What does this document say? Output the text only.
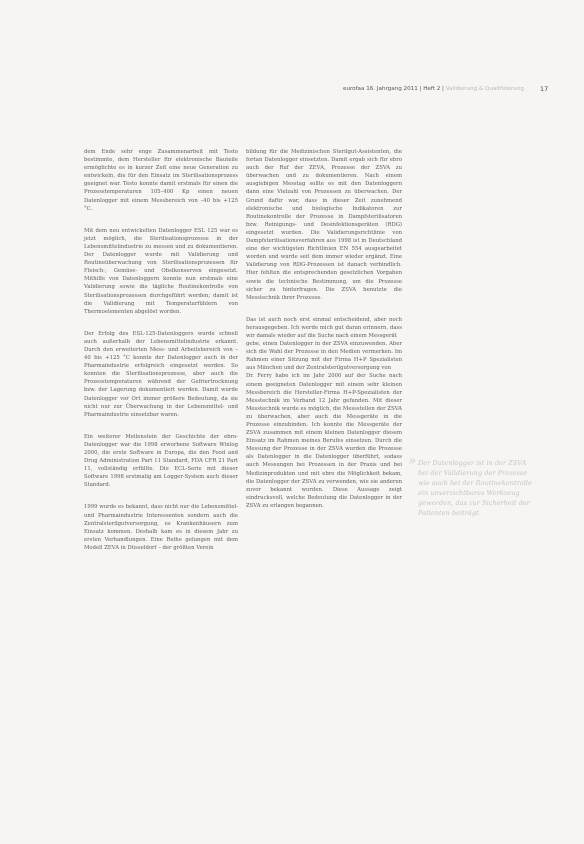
eurofaa 16. Jahrgang 2011 | Heft 2 | Validierung & Qualifizierung	17

dem Ende sehr enge Zusammenarbeit mit Testo bestimmte, dem Hersteller für elektronische Bauteile ermöglichte es in kurzer Zeit eine neue Generation zu entwickeln, die für den Einsatz im Sterilisationsprozess geeignet war. Testo konnte damit erstmals für einen die Prozesstemperaturen 105–400 Kp einen neuen Datenlogger mit einem Messbereich von –40 bis +125 °C.

Mit dem neu entwickelten Datenlogger ESL 125 war es jetzt möglich, die Sterilisationsprozesse in der Lebensmittelindustrie zu messen und zu dokumentieren. Der Datenlogger wurde mit Validierung und Routineüberwachung von Sterilisationsprozessen für Fleisch-, Gemüse- und Obstkonserven eingesetzt. Mithilfe von Datenloggern konnte nun erstmals eine Validierung sowie die tägliche Routinekontrolle von Sterilisationsprozessen durchgeführt werden; damit ist die Validierung mit Temperaturfühlern von Thermoelementen abgelöst worden.

Der Erfolg des ESL-125-Datenloggers wurde schnell auch außerhalb der Lebensmittelindustrie erkannt. Durch den erweiterten Mess- und Arbeitsbereich von –40 bis +125 °C konnte der Datenlogger auch in der Pharmaindustrie erfolgreich eingesetzt werden. So konnten die Sterilisationsprozesse, aber auch die Prozesstemperaturen während der Gefriertrocknung bzw. der Lagerung dokumentiert werden. Damit wurde Datenlogger vor Ort immer größere Bedeutung, da sie nicht nur zur Überwachung in der Lebensmittel- und Pharmaindustrie einsetzbar waren.

Ein weiterer Meilenstein der Geschichte der ebro-Datenlogger war die 1998 erworbene Software Winlog 2000, die erste Software in Europa, die den Food and Drug Administration Part 11 Standard, FDA CFR 21 Part 11, vollständig erfüllte. Die ECL-Serie mit dieser Software 1998 erstmalig am Logger-System auch dieser Standard.

1999 wurde es bekannt, dass nicht nur die Lebensmittel- und Pharmaindustrie Interessenten sondern auch die Zentralsterilgutversorgung, es Krankenhäusern zum Einsatz kommen. Deshalb kam es in diesem Jahr zu ersten Verhandlungen. Eine Reihe gelungen mit dem Modell ZEVA in Düsseldorf – der größten Verein

bildung für die Medizinischen Sterilgut-Assistenten, die fortan Datenlogger einsetzten. Damit ergab sich für ebro auch der Ruf der ZEVA, Prozesse der ZSVA zu überwachen und zu dokumentieren. Nach einem ausgiebigen Messtag sollte es mit den Datenloggern dann eine Vielzahl von Prozessen zu überwachen. Der Grund dafür war, dass in dieser Zeit zunehmend elektronische und biologische Indikatoren zur Routinekontrolle der Prozesse in Dampfsterilisatoren bzw. Reinigungs- und Desinfektionsgeräten (RDG) eingesetzt wurden. Die Validierungsrichtlinie von Dampfsterilisationsverfahren aus 1998 ist in Deutschland eine der wichtigsten Richtlinien EN 554 ausgearbeitet worden und wurde seit dem immer wieder ergänzt. Eine Validierung von RDG-Prozessen ist danach verbindlich. Hier fehlten die entsprechenden gesetzlichen Vorgaben sowie die technische Bestimmung, um die Prozesse sicher zu hinterfragen. Die ZSVA benutzte die Messtechnik ihrer Prozesse.

Das ist auch noch erst einmal entscheidend, aber noch herausgegeben. Ich werde mich gut daran erinnern, dass wir damals wieder auf die Suche nach einem Messgerät

gebe, einen Datenlogger in der ZSVA einzuwenden. Aber sich die Wahl der Prozesse in den Medien vermerken. Im Rahmen einer Sitzung mit der Firma H+P Spezialisten aus München und der Zentralsterilgutversorgung von

Dr. Ferry habe ich im Jahr 2000 auf der Suche nach einem geeigneten Datenlogger mit einem sehr kleinen Messbereich die Hersteller-Firma H+P-Spezialisten der Messtechnik im Verband 12 Jahr gefunden. Mit dieser Messtechnik wurde es möglich, die Messstellen der ZSVA zu überwachen, aber auch die Messgeräte in die Prozesse einzubinden. Ich konnte die Messgeräte der ZSVA zusammen mit einem kleinen Datenlogger diesem Einsatz im Rahmen meines Berufes einsetzen. Durch die Messung der Prozesse in der ZSVA wurden die Prozesse als Datenlogger in die Datenlogger überführt, sodass auch Messungen bei Prozessen in der Praxis und bei Medizinprodukten und mit ebro die Möglichkeit bekam, die Datenlogger der ZSVA zu verwenden, wie sie anderen zuvor bekannt wurden. Diese Aussage zeigt eindrucksvoll, welche Bedeutung die Datenlogger in der ZSVA zu erlangen begannen.

» Der Datenlogger ist in der ZSVA bei der Validierung der Prozesse wie auch bei der Routinekontrolle ein unverzichtbares Werkzeug geworden, das zur Sicherheit der Patienten beiträgt.
